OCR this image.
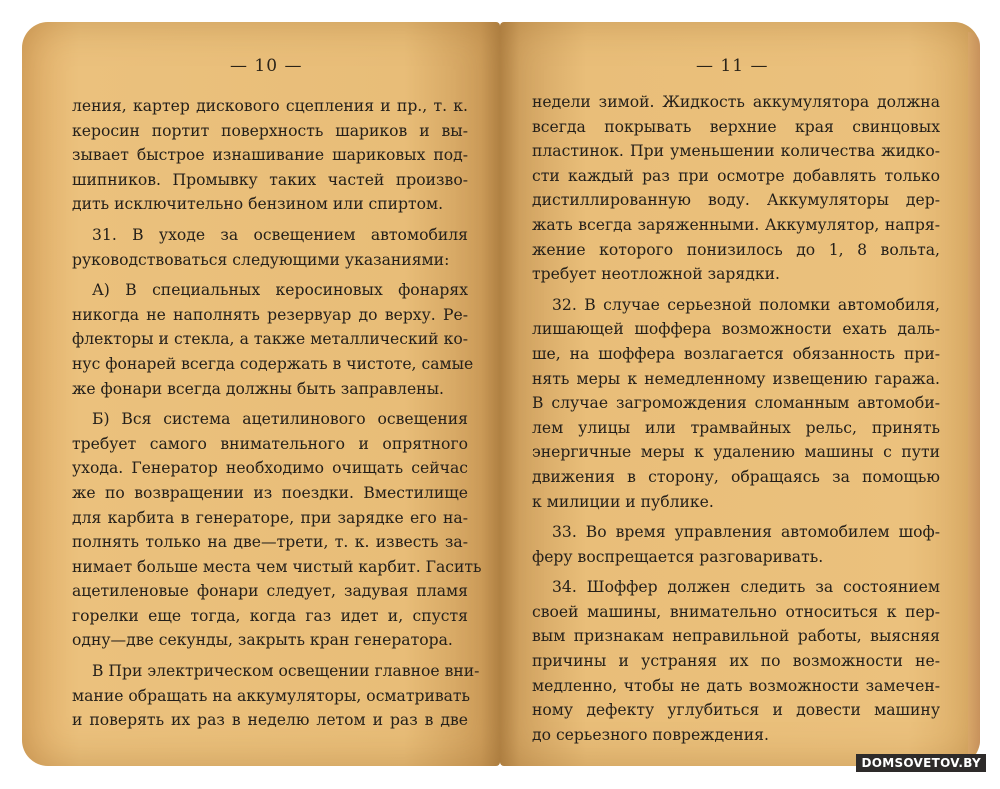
— 10 —
ления, картер дискового сцепления и пр., т. к.
керосин портит поверхность шариков и вы-
зывает быстрое изнашивание шариковых под-
шипников. Промывку таких частей произво-
дить исключительно бензином или спиртом.
31. В уходе за освещением автомобиля
руководствоваться следующими указаниями:
А) В специальных керосиновых фонарях
никогда не наполнять резервуар до верху. Ре-
флекторы и стекла, а также металлический ко-
нус фонарей всегда содержать в чистоте, самые
же фонари всегда должны быть заправлены.
Б) Вся система ацетилинового освещения
требует самого внимательного и опрятного
ухода. Генератор необходимо очищать сейчас
же по возвращении из поездки. Вместилище
для карбита в генераторе, при зарядке его на-
полнять только на две—трети, т. к. известь за-
нимает больше места чем чистый карбит. Гасить
ацетиленовые фонари следует, задувая пламя
горелки еще тогда, когда газ идет и, спустя
одну—две секунды, закрыть кран генератора.
В При электрическом освещении главное вни-
мание обращать на аккумуляторы, осматривать
и поверять их раз в неделю летом и раз в две
— 11 —
недели зимой. Жидкость аккумулятора должна
всегда покрывать верхние края свинцовых
пластинок. При уменьшении количества жидко-
сти каждый раз при осмотре добавлять только
дистиллированную воду. Аккумуляторы дер-
жать всегда заряженными. Аккумулятор, напря-
жение которого понизилось до 1, 8 вольта,
требует неотложной зарядки.
32. В случае серьезной поломки автомобиля,
лишающей шоффера возможности ехать даль-
ше, на шоффера возлагается обязанность при-
нять меры к немедленному извещению гаража.
В случае загромождения сломанным автомоби-
лем улицы или трамвайных рельс, принять
энергичные меры к удалению машины с пути
движения в сторону, обращаясь за помощью
к милиции и публике.
33. Во время управления автомобилем шоф-
феру воспрещается разговаривать.
34. Шоффер должен следить за состоянием
своей машины, внимательно относиться к пер-
вым признакам неправильной работы, выясняя
причины и устраняя их по возможности не-
медленно, чтобы не дать возможности замечен-
ному дефекту углубиться и довести машину
до серьезного повреждения.
DOMSOVETOV.BY
